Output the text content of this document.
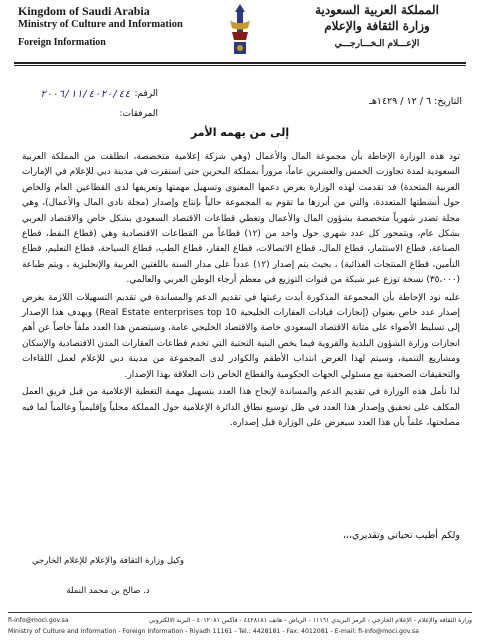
Kingdom of Saudi Arabia
Ministry of Culture and Information
Foreign Information
المملكة العربية السعودية
وزارة الثقافة والإعلام
الإعـــلام الـخـــارجـــي
الرقم:
٢٠٠٦/١١/٤٠٢٠/٤٤
المرفقات:
التاريخ: ٦ / ١٢ / ١٤٢٩هـ
إلى من يهمه الأمر

تود هذه الوزارة الإحاطة بأن مجموعة المال والأعمال (وهي شركة إعلامية متخصصة، انطلقت من المملكة العربية السعودية لمدة تجاوزت الخمس والعشرين عاماً، مروراً بمملكة البحرين حتى استقرت في مدينة دبي للإعلام في الإمارات العربية المتحدة) قد تقدمت لهذه الوزارة بغرض دعمها المعنوي وتسهيل مهمتها وتعريفها لدى القطاعين العام والخاص حول أنشطتها المتعددة، والتي من أبرزها ما تقوم به المجموعة حالياً بإنتاج وإصدار (مجلة نادي المال والأعمال)، وهي مجلة تصدر شهرياً متخصصة بشؤون المال والأعمال وتغطي قطاعات الاقتصاد السعودي بشكل خاص والاقتصاد العربي بشكل عام، ويتمحور كل عدد شهري حول واحد من (١٢) قطاعاً من القطاعات الاقتصادية وهي (قطاع النفط، قطاع الصناعة، قطاع الاستثمار، قطاع المال، قطاع الاتصالات، قطاع العقار، قطاع الطب، قطاع السياحة، قطاع التعليم، قطاع التأمين، قطاع المنتجات الغذائية) ، بحيث يتم إصدار (١٢) عدداً على مدار السنة باللغتين العربية والإنجليزية ، ويتم طباعة (٣٥،٠٠٠) نسخة توزع عبر شبكة من قنوات التوزيع في معظم أرجاء الوطن العربي والعالمي.

عليه نود الإحاطة بأن المجموعة المذكورة أبدت رغبتها في تقديم الدعم والمساندة في تقديم التسهيلات اللازمة بغرض إصدار عدد خاص بعنوان (إنجازات قيادات العقارات الخليجية Real Estate enterprises top 10) ويهدف هذا الإصدار إلى تسليط الأضواء على متانة الاقتصاد السعودي خاصة والاقتصاد الخليجي عامة، وسيتضمن هذا العدد ملفاً خاصاً عن أهم انجازات وزارة الشؤون البلدية والقروية فيما يخص البنية التحتية التي تخدم قطاعات العقارات المدن الاقتصادية والإسكان ومشاريع التنمية، وسيتم لهذا الغرض انتداب الأطقم والكوادر لدى المجموعة من مدينة دبي للإعلام لعمل اللقاءات والتحقيقات الصحفية مع مسئولي الجهات الحكومية والقطاع الخاص ذات العلاقة بهذا الإصدار.

لذا نأمل هذه الوزارة في تقديم الدعم والمساندة لإنجاح هذا العدد بتسهيل مهمة التغطية الإعلامية من قبل فريق العمل المكلف على تحقيق وإصدار هذا العدد في ظل توسيع نطاق الدائرة الإعلامية حول المملكة محلياً وإقليمياً وعالمياً لما فيه مصلحتها، علماً بأن هذا العدد سيعرض على الوزارة قبل إصداره.

ولكم أطيب تحياتي وتقديري،،،
وكيل وزارة الثقافة والإعلام للإعلام الخارجي
د. صالح بن محمد النملة
fi-info@moci.gov.sa	وزارة الثقافة والإعلام - الإعلام الخارجي - الرمز البريدي ١١١٦١ - الرياض - هاتف ٤٤٢٨١٨١ - فاكس ٤٠١٢٠٨١ - البريد الالكتروني
Ministry of Culture and Information - Foreign Information - Riyadh 11161 - Tel.: 4428181 - Fax: 4012081 - E-mail: fi-info@moci.gov.sa
